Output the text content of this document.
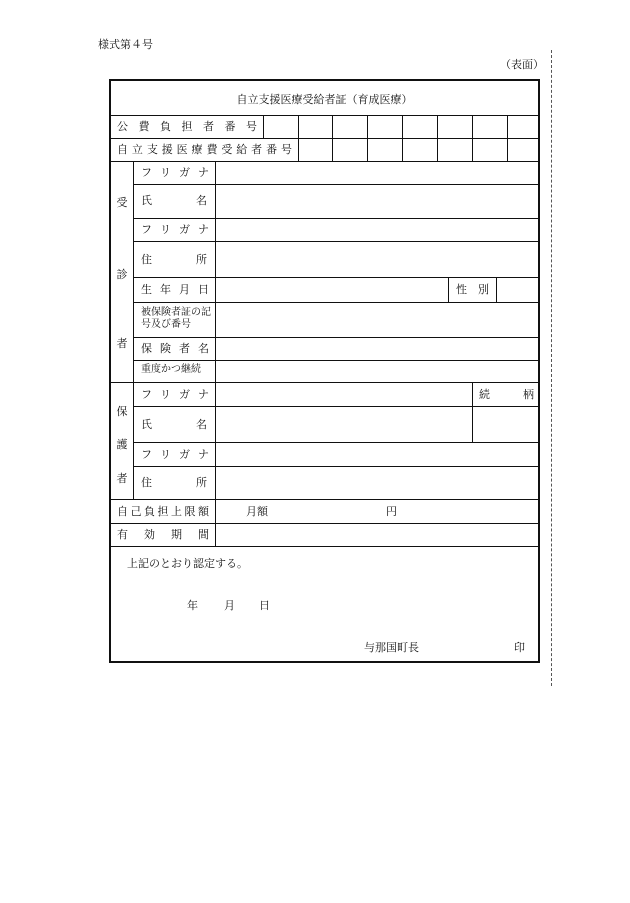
様式第４号
（表面）
自立支援医療受給者証（育成医療）
公 費 負 担 者 番 号
自 立 支 援 医 療 費 受 給 者 番 号
受
診
者
フ リ ガ ナ
氏　　　　名
フ リ ガ ナ
住　　　　所
生 年 月 日	性　別
被保険者証の記号及び番号
保 険 者 名
重度かつ継続
保
護
者
フ リ ガ ナ	続　　　柄
氏　　　　名
フ リ ガ ナ
住　　　　所
自 己 負 担 上 限 額	月額	円
有 効 期 間
上記のとおり認定する。
年 月 日
与那国町長	印
